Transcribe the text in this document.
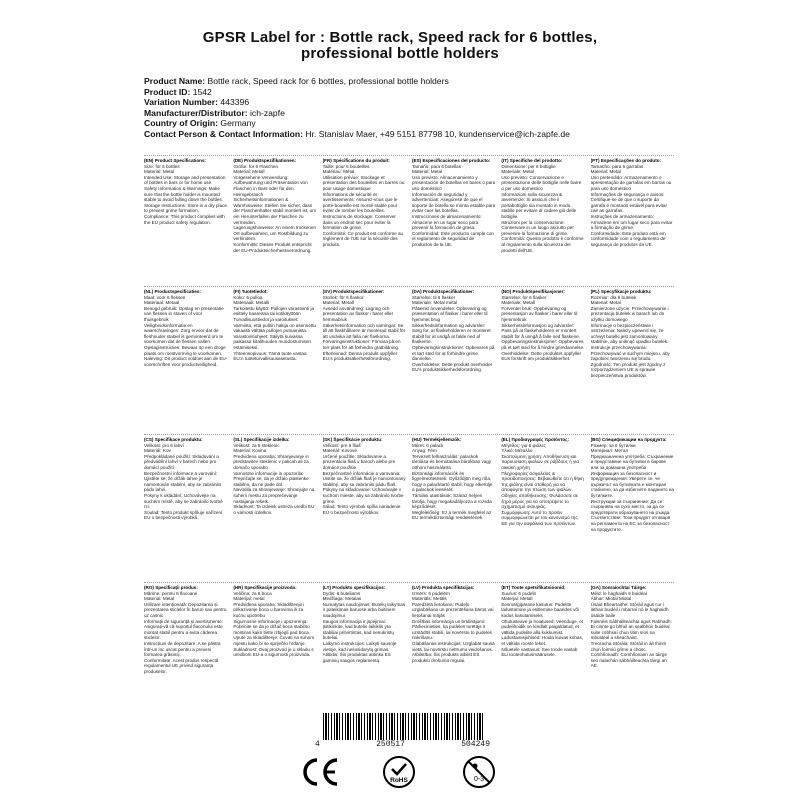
GPSR Label for : Bottle rack, Speed rack for 6 bottles,
professional bottle holders
Product Name: Bottle rack, Speed rack for 6 bottles, professional bottle holders
Product ID: 1542
Variation Number: 443396
Manufacturer/Distributor: ich-zapfe
Country of Origin: Germany
Contact Person & Contact Information: Hr. Stanislav Maer, +49 5151 87798 10, kundenservice@ich-zapfe.de
(EN) Product Specifications:
Size: for 6 bottles
Material: Metal
Intended Use: Storage and presentation of bottles in bars or for home use
Safety Information & Warnings: Make sure that the bottle holder is mounted stable to avoid falling down the bottles.
Storage Instructions: Store in a dry place to prevent grime formation.
Compliance: This product complies with the EU product safety regulation.
(DE) Produktspezifikationen:
Größe: für 6 Flaschen
Material: Metall
Vorgesehene Verwendung: Aufbewahrung und Präsentation von Flaschen in Bars oder für den Heimgebrauch
Sicherheitsinformationen & Warnhinweise: Stellen Sie sicher, dass der Flaschenhalter stabil montiert ist, um ein Herunterfallen der Flaschen zu vermeiden.
Lagerungshinweise: An einem trockenen Ort aufbewahren, um Rostbildung zu verhindern.
Konformität: Dieses Produkt entspricht der EU-Produktsicherheitsverordnung.
(FR) Spécifications du produit:
Taille: pour 6 bouteilles
Matériau: Métal
Utilisation prévue: Stockage et présentation des bouteilles en barres ou pour usage domestique
Informations de sécurité et avertissements: Assurez-vous que le porte-bouteille est monté stable pour éviter de tomber les bouteilles.
Instructions de stockage: Conserver dans un endroit sec pour éviter la formation de grime.
Conformité: Ce produit est conforme au règlement de l'UE sur la sécurité des produits.
(ES) Especificaciones del producto:
Tamaño: para 6 botellas
Material: Metal
Uso previsto: Almacenamiento y presentación de botellas en bares o para uso doméstico
Información de seguridad y advertencias: Asegúrese de que el soporte de botella se monta estable para evitar caer las botellas.
Instrucciones de almacenamiento: Almacene en un lugar seco para prevenir la formación de grasa.
Conformidad: Este producto cumple con el reglamento de seguridad de productos de la UE.
(IT) Specifiche del prodotto:
Dimensione: per 6 bottiglie
Materiale: Metal
Uso previsto: Conservazione e presentazione delle bottiglie nelle barre o per uso domestico
Informazioni sulla sicurezza & avvertenze: Si assicuri che il portabottiglie sia montato in modo stabile per evitare di cadere giù delle bottiglie.
Istruzioni per la conservazione: Conservare in un luogo asciutto per prevenire la formazione di grime.
Conformità: Questo prodotto è conforme al regolamento sulla sicurezza dei prodotti dell'UE.
(PT) Especificações do produto:
Tamanho: para 6 garrafas
Material: Metal
Uso pretendido: Armazenamento e apresentação de garrafas em barras ou para uso doméstico
Informações de segurança e avisos: Certifique-se de que o suporte da garrafa é montado estável para evitar cair as garrafas.
Instruções de armazenamento: Armazene em um lugar seco para evitar a formação de grime.
Conformidade: Este produto está em conformidade com o regulamento de segurança de produtos da UE.
(NL) Productspecificaties:
Maat: voor 6 flessen
Materiaal: Metaal
Beoogd gebruik: Opslag en presentatie van flessen in staven of voor thuisgebruik
Veiligheidsinformatie en waarschuwingen: Zorg ervoor dat de fleshouder stabiel is gemonteerd om te voorkomen dat de flessen vallen.
Opslaginstructies: Bewaar op een droge plaats om roestvorming te voorkomen.
Naleving: Dit product voldoet aan de EU-voorschriften voor productveiligheid.
(FI) Tuotetiedot:
Koko: 6 pulloa
Materiaali: Metalli
Tarkoitettu käyttö: Pullojen varastointi ja esittely baareissa tai kotikäyttöön
Turvallisuustiedot ja varoitukset: Varmista, että pullon haltija on asennettu vakaasti välttää pullojen putoamista.
Varastointiohjeet: Säilytä kuivassa paikassa kitalihuuden muodostumisen estämiseksi.
Yhteensopivuus: Tämä tuote vastaa EU:n tuoteturvallisuusasetusta.
(SV) Produktspecifikationer:
Storlek: för 6 flaskor
Material: Metall
Avsedd användning: Lagring och presentation av flaskor i barer eller hemmabruk
Säkerhetsinformation och varningar: Se till att flaskhållaren är monterad stabil för att undvika att falla ner flaskorna.
Förvaringsinstruktioner: Förvara på en torr plats för att förhindra gratbildning.
Efterlevnad: Denna produkt uppfyller EU:s produktsäkerhetsförordning.
(DA) Produktspecifikationer:
Størrelse: til 6 flasker
Materiale: Metal metal
Påtænkt anvendelse: Opbevaring og præsentation af flasker i barer eller til hjemmet brug
Sikkerhedsinformation og advarsler: Sørg for, at flaskeholderen er monteret stabilt for at undgå at falde ned af flaskerne.
Opbevaringsinstruktioner: Opbevares på et tørt sted for at forhindre grime dannelse.
Overholdelse: Dette produkt overholder EU's produktsikkerhedsforordning.
(NO) Produktspesifikasjoner:
Størrelse: for 6 flasker
Materiale: Metall
Forventet bruk: Oppbevaring og presentasjon av flasker i barer eller til hjemmebruk
Sikkerhetsinformasjon og advarsler: Pass på at flaskeholderen er montert stabilt for å unngå å falle ned flaskene.
Oppbevaringsinstruksjoner: Oppbevares på et tørt sted for å hindre grimdannelse.
Overholdelse: Dette produktet oppfyller EUs forskrift om produktsikkerhet.
(PL) Specyfikacje produktu:
Rozmiar: dla 6 butelek
Materiał: Metal
Zamierzone użycie: Przechowywanie i prezentacja butelek w barach lub do użytku domowego
Informacje o bezpieczeństwie i ostrzeżenia: Należy upewnić się, że uchwyt butelki jest zamontowany stabilnie, aby uniknąć upadku butelek.
Instrukcje przechowywania: Przechowywać w suchym miejscu, aby zapobiec tworzeniu się brudu.
Zgodność: Ten produkt jest zgodny z rozporządzeniem UE w sprawie bezpieczeństwa produktów.
(CS) Specifikace produktu:
Velikost: pro 6 lahví
Materiál: Kov
Předpokládané použití: Skladování a předvádění lahví v barech nebo pro domácí použití
Bezpečnostní informace a varování: Ujistěte se, že držák lahve je namontován stabilní, aby se zabránilo pádu lahví.
Pokyny k ukládání: Uchovávejte na suchém místě, aby se zabránilo tvorbě rzi.
Soulad: Tento produkt splňuje nařízení EU o bezpečnosti výrobků.
(SL) Specifikacije izdelka:
Velikost: za 6 steklenic
Material: Kovina
Predvidena uporaba: Shranjevanje in predstavitev steklenic v palicah ali za domačo uporabo
Varnostne informacije in opozorila: Prepričajte se, da je držalo plastenke stabilno, da ne pade dol.
Navodila za shranjevanje: Shranjujte na suhem mestu za preprečevanje nastajanja rešetk.
Skladnost: Ta izdelek ustreza uredbi EU o varnosti izdelkov.
(SK) Špecifikácie produktu:
Veľkosť: pre 6 fliaš
Materiál: Kovové
Určené použitie: Skladovanie a prezentácia fliaš v baroch alebo pre domáce použitie
Bezpečnostné informácie a varovania: Uistite sa, že držiak fliaš je namontovaný stabilný, aby sa zabránilo pádu fliaš.
Pokyny na skladovanie: Uchovávajte v suchom mieste, aby sa zabránilo tvorbe grime.
Súlad: Tento výrobok spĺňa nariadenie EÚ o bezpečnosti výrobkov.
(HU) Termékjellemzők:
Méret: 6 palack
Anyag: Fém
Tervezett felhasználás: palackok tárolása és bemutatása bárokban vagy otthoni használatra
Biztonsági információk és figyelmeztetések: Győződjön meg róla, hogy a palacktartó stabil, hogy elkerülje a palackok leesését.
Tárolási utasítások: Száraz helyen tárolja, hogy megakadályozza a rozsda képződését.
Megfelelőség: Ez a termék megfelel az EU termékbiztonsági rendeletének.
(EL) Προδιαγραφές προϊόντος:
Μέγεθος: για 6 φιάλες
Υλικό: Μέταλλο
Σκοπούμενη χρήση: Αποθήκευση και παρουσίαση φιαλών σε ράβδους ή για οικιακή χρήση
Πληροφορίες ασφαλείας & προειδοποιήσεις: Βεβαιωθείτε ότι η θήκη της φιάλης είναι σταθερή για να αποφύγετε την πτώση των φιαλών.
Οδηγίες αποθήκευσης: Φυλάσσετε σε ξηρό μέρος για να αποτρέψετε το σχηματισμό σκουριάς.
Συμμόρφωση: Αυτό το προϊόν συμμορφώνεται με τον κανονισμό της ΕΕ για την ασφάλεια των προϊόντων.
(BG) Спецификации на продукта:
Размер: за 6 бутилки
Материал: Метал
Предназначена употреба: Съхранение и представяне на бутилки в барове или за домашна употреба
Информация за безопасност и предупреждения: Уверете се, че държачът на бутилката е монтиран стабилно, за да избегнете падането на бутилките.
Инструкции за съхранение: Да се съхранява на сухо място, за да се предотврати образуването на ръжда.
Съответствие: Този продукт отговаря на регламента на ЕС за безопасност на продуктите.
(RO) Specificații produs:
Mărime: pentru 6 flacoane
Material: Metal
Utilizare intenționată: Depozitarea și prezentarea sticlelor în baruri sau pentru uz casnic
Informații de siguranță și avertismente: Asigurați-vă că suportul flaconului este montat stabil pentru a evita căderea sticlelor.
Instrucțiuni de depozitare: A se păstra într-un loc uscat pentru a preveni formarea grăsimii.
Conformitate: Acest produs respectă regulamentul UE privind siguranța produselor.
(HR) Specifikacije proizvoda:
Veličina: za 6 boca
Materijal: metal
Predviđena uporaba: Skladištenje i prikazivanje boca u barovima ili za kućnu upotrebu
Sigurnosne informacije i upozorenja: Pobrinite se da je držač boca stabilno montiran kako biste izbjegli pad boca.
Upute za skladištenje: Čuvati na suhom mjestu kako bi se spriječilo hrđanje.
Sukladnost: Ovaj proizvod je u skladu s uredbom EU-a o sigurnosti proizvoda.
(LT) Produkto specifikacijos:
Dydis: 6 buteliams
Medžiaga: Metalas
Numatytas naudojimas: Butelių laikymas ir pateikimas baruose arba buitinėm naudojimui
Saugos informacija ir įspėjimai: Įsitikinkite, kad butelio laikiklis yra stabiliai pritvirtintas, kad nenukristų buteliai.
Laikymo instrukcijos: Laikyti sausoje vietoje, kad nesusidarytų grimas.
Atitiktis: Šis produktas atitinka ES gaminių saugos reglamentą.
(LV) Produkta specifikācijas:
Izmērs: 6 pudelēm
Materiāls: Metāls
Paredzētā lietošana: Pudeļu uzglabāšana un prezentēšana bāros vai lietošanai mājās
Drošības informācija un brīdinājumi: Pārliecinieties, ka pudeles turētājs ir uzstādīts stabili, lai novērstu to pudeles nokrišanu.
Glabāšanas instrukcijas: Uzglabāt sausā vietā, lai novērstu netīrumu veidošanos.
Atbilstība: Šis produkts atbilst ES produktu drošuma regulai.
(ET) Toote spetsifikatsioonid:
Suurus: 6 pudelit
Materjal: Metall
Eesmärgipärane kasutus: Pudelite ladustamine ja esitlemine baarides või kodus kasutamiseks
Ohutusteave ja hoiatused: Veenduge, et pudelihoidik on kindlalt paigaldatud, et vältida pudelite alla kukkumist.
Ladustamisjuhised: Hoida kuivas kohas, et vältida rooste teket.
Nõuetele vastavus: See toode vastab ELi tooteohutusmäärusele.
(GA) Sonraíochtaí Táirge:
Méid: le haghaidh 6 buidéal
Ábhar: Miotal Miotal
Úsáid Bheartaithe: Stóráil agus cur i láthair buidéil i mbarraí nó le haghaidh úsáide baile
Faisnéis Sábháilteachta agus Rabhadh: Bí cinnte go bhfuil an sealbhóir buidéal suite cobhsaí chun titim síos na mbuidéal a sheachaint.
Treoracha Stórála: Stóráil in áit thirim chun foirmiú grime a chosc.
Comhlíonadh: Comhlíonann an táirge seo rialachán sábháilteachta táirgí an AE.
4	250517	504249
RoHS	0-3
